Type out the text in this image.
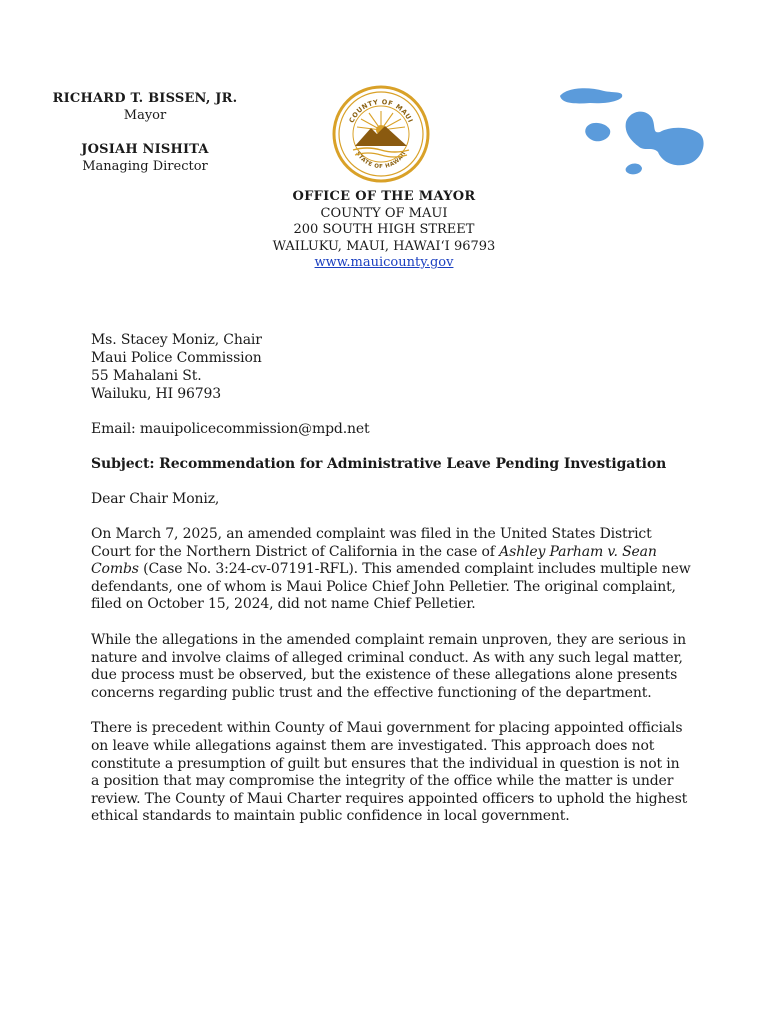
RICHARD T. BISSEN, JR.
Mayor
JOSIAH NISHITA
Managing Director
COUNTY OF MAUI
STATE OF HAWAII
OFFICE OF THE MAYOR
COUNTY OF MAUI
200 SOUTH HIGH STREET
WAILUKU, MAUI, HAWAIʻI 96793
www.mauicounty.gov

Ms. Stacey Moniz, Chair

Maui Police Commission

55 Mahalani St.

Wailuku, HI 96793

Email: mauipolicecommission@mpd.net

Subject: Recommendation for Administrative Leave Pending Investigation

Dear Chair Moniz,

On March 7, 2025, an amended complaint was filed in the United States District Court for the Northern District of California in the case of Ashley Parham v. Sean Combs (Case No. 3:24-cv-07191-RFL). This amended complaint includes multiple new defendants, one of whom is Maui Police Chief John Pelletier. The original complaint, filed on October 15, 2024, did not name Chief Pelletier.

While the allegations in the amended complaint remain unproven, they are serious in nature and involve claims of alleged criminal conduct. As with any such legal matter, due process must be observed, but the existence of these allegations alone presents concerns regarding public trust and the effective functioning of the department.

There is precedent within County of Maui government for placing appointed officials on leave while allegations against them are investigated. This approach does not constitute a presumption of guilt but ensures that the individual in question is not in a position that may compromise the integrity of the office while the matter is under review. The County of Maui Charter requires appointed officers to uphold the highest ethical standards to maintain public confidence in local government.
